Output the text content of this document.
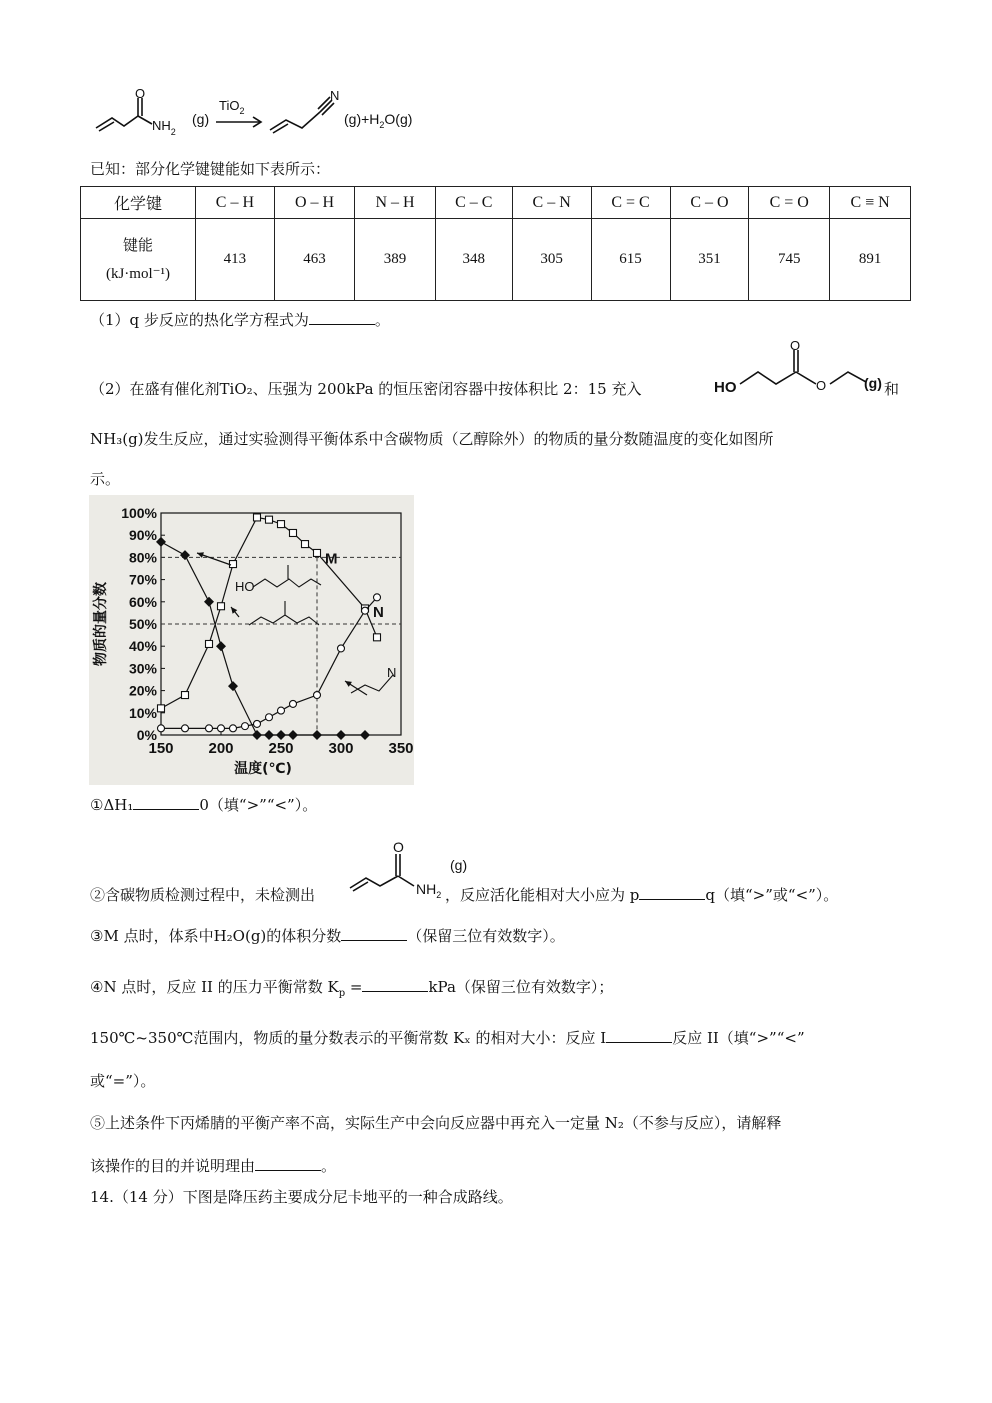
O
$NH_2$
(g)
TiO$_2$
N
$(g)+H_2O(g)$
已知：部分化学键键能如下表所示：
化学键	C – H	O – H	N – H	C – C	C – N	C = C	C – O	C = O	C ≡ N

键能
(kJ·mol⁻¹)	413	463	389	348	305	615	351	745	891
（1）q 步反应的热化学方程式为	。
（2）在盛有催化剂TiO₂、压强为 200kPa 的恒压密闭容器中按体积比 2：15 充入	HO
O
O	(g) 和
NH₃(g)发生反应，通过实验测得平衡体系中含碳物质（乙醇除外）的物质的量分数随温度的变化如图所
示。
0%
10%
20%
30%
40%
50%
60%
70%
80%
90%
100%
150 200 250 300 350
温度(℃)
物质的量分数
M
N
HO
N
①ΔH₁	0（填“>”“<”）。
O
$NH_2$
(g)
②含碳物质检测过程中，未检测出	，反应活化能相对大小应为 p	q（填“>”或“<”）。
③M 点时，体系中H₂O(g)的体积分数	（保留三位有效数字）。
④N 点时，反应 II 的压力平衡常数 $K_p$ =	kPa（保留三位有效数字）；
150℃~350℃范围内，物质的量分数表示的平衡常数 Kₓ 的相对大小：反应 I	反应 II（填“>”“<”
或“=”）。
⑤上述条件下丙烯腈的平衡产率不高，实际生产中会向反应器中再充入一定量 N₂（不参与反应），请解释
该操作的目的并说明理由	。
14.（14 分）下图是降压药主要成分尼卡地平的一种合成路线。
